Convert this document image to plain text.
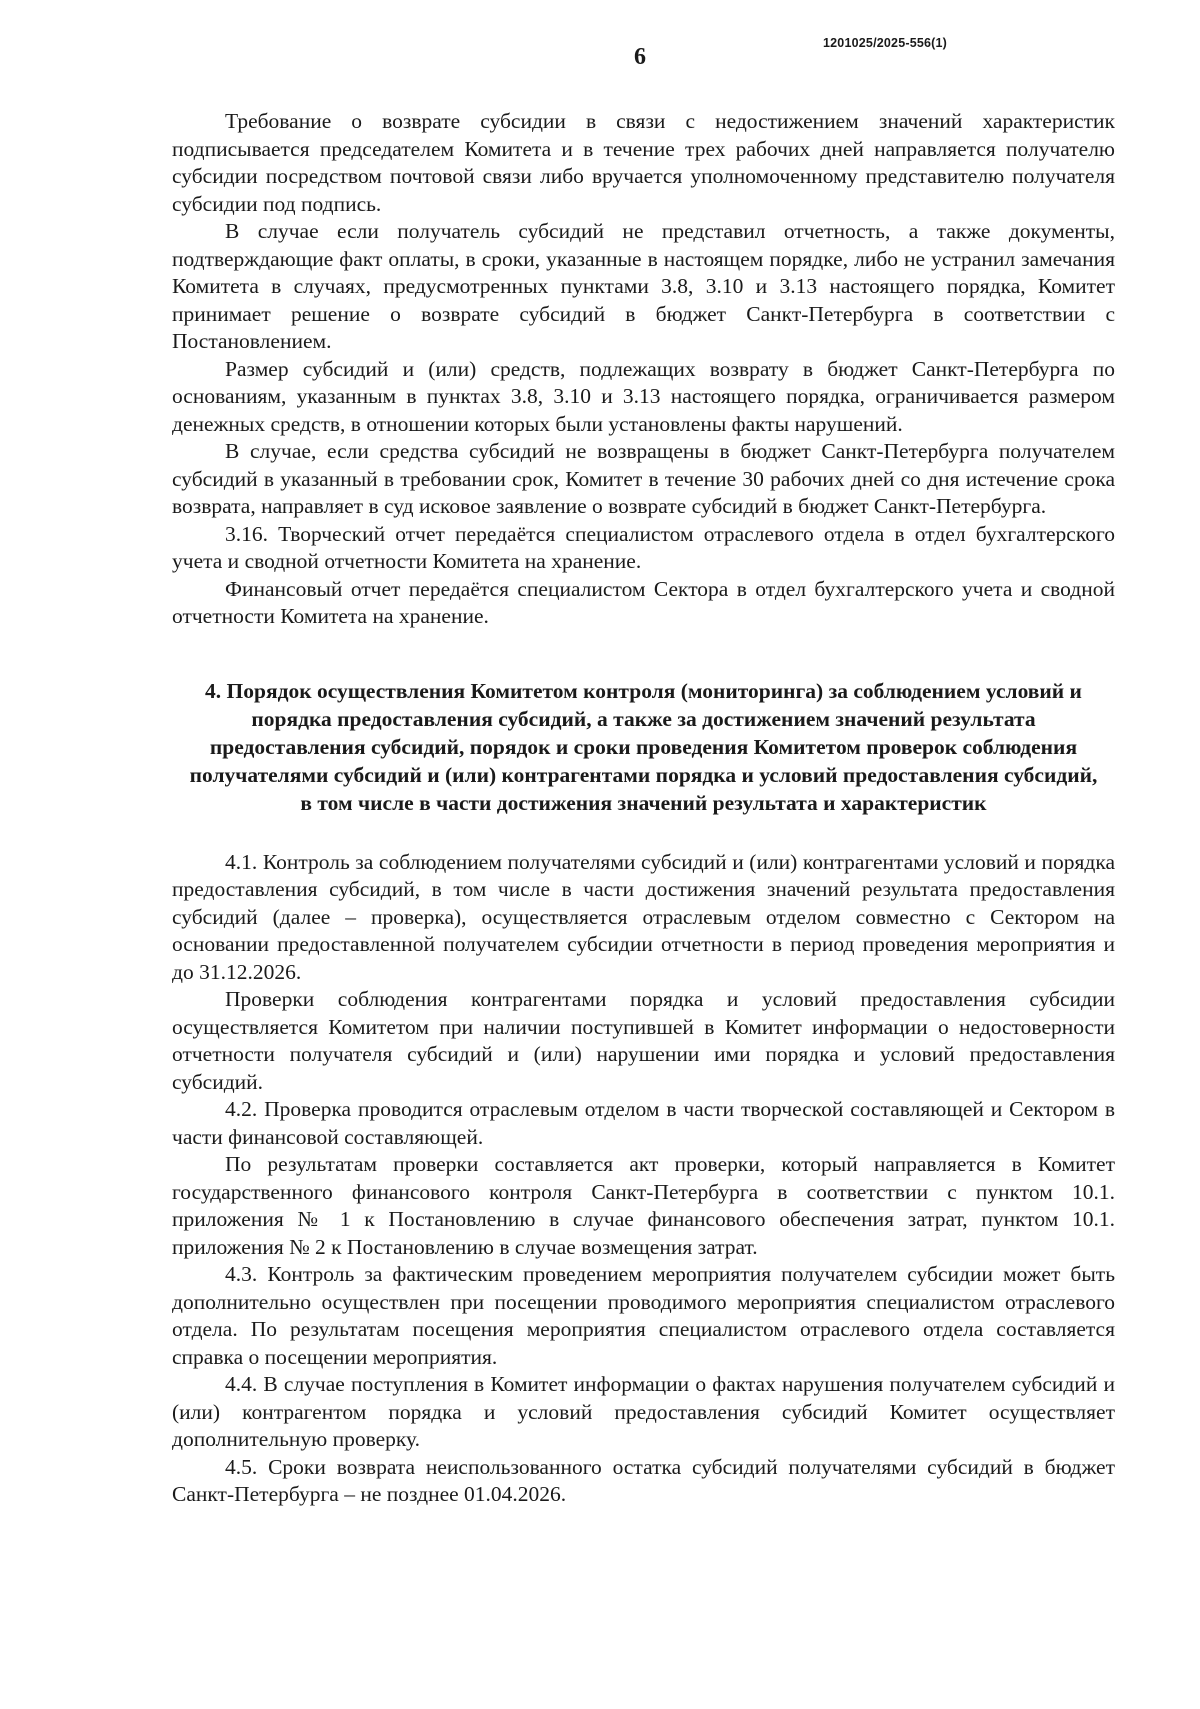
6

1201025/2025-556(1)

Требование о возврате субсидии в связи с недостижением значений характеристик подписывается председателем Комитета и в течение трех рабочих дней направляется получателю субсидии посредством почтовой связи либо вручается уполномоченному представителю получателя субсидии под подпись.

В случае если получатель субсидий не представил отчетность, а также документы, подтверждающие факт оплаты, в сроки, указанные в настоящем порядке, либо не устранил замечания Комитета в случаях, предусмотренных пунктами 3.8, 3.10 и 3.13 настоящего порядка, Комитет принимает решение о возврате субсидий в бюджет Санкт-Петербурга в соответствии с Постановлением.

Размер субсидий и (или) средств, подлежащих возврату в бюджет Санкт-Петербурга по основаниям, указанным в пунктах 3.8, 3.10 и 3.13 настоящего порядка, ограничивается размером денежных средств, в отношении которых были установлены факты нарушений.

В случае, если средства субсидий не возвращены в бюджет Санкт-Петербурга получателем субсидий в указанный в требовании срок, Комитет в течение 30 рабочих дней со дня истечение срока возврата, направляет в суд исковое заявление о возврате субсидий в бюджет Санкт-Петербурга.

3.16. Творческий отчет передаётся специалистом отраслевого отдела в отдел бухгалтерского учета и сводной отчетности Комитета на хранение.

Финансовый отчет передаётся специалистом Сектора в отдел бухгалтерского учета и сводной отчетности Комитета на хранение.

4. Порядок осуществления Комитетом контроля (мониторинга) за соблюдением условий и порядка предоставления субсидий, а также за достижением значений результата предоставления субсидий, порядок и сроки проведения Комитетом проверок соблюдения получателями субсидий и (или) контрагентами порядка и условий предоставления субсидий, в том числе в части достижения значений результата и характеристик

4.1. Контроль за соблюдением получателями субсидий и (или) контрагентами условий и порядка предоставления субсидий, в том числе в части достижения значений результата предоставления субсидий (далее – проверка), осуществляется отраслевым отделом совместно с Сектором на основании предоставленной получателем субсидии отчетности в период проведения мероприятия и до 31.12.2026.

Проверки соблюдения контрагентами порядка и условий предоставления субсидии осуществляется Комитетом при наличии поступившей в Комитет информации о недостоверности отчетности получателя субсидий и (или) нарушении ими порядка и условий предоставления субсидий.

4.2. Проверка проводится отраслевым отделом в части творческой составляющей и Сектором в части финансовой составляющей.

По результатам проверки составляется акт проверки, который направляется в Комитет государственного финансового контроля Санкт-Петербурга в соответствии с пунктом 10.1. приложения № 1 к Постановлению в случае финансового обеспечения затрат, пунктом 10.1. приложения № 2 к Постановлению в случае возмещения затрат.

4.3. Контроль за фактическим проведением мероприятия получателем субсидии может быть дополнительно осуществлен при посещении проводимого мероприятия специалистом отраслевого отдела. По результатам посещения мероприятия специалистом отраслевого отдела составляется справка о посещении мероприятия.

4.4. В случае поступления в Комитет информации о фактах нарушения получателем субсидий и (или) контрагентом порядка и условий предоставления субсидий Комитет осуществляет дополнительную проверку.

4.5. Сроки возврата неиспользованного остатка субсидий получателями субсидий в бюджет Санкт-Петербурга – не позднее 01.04.2026.
